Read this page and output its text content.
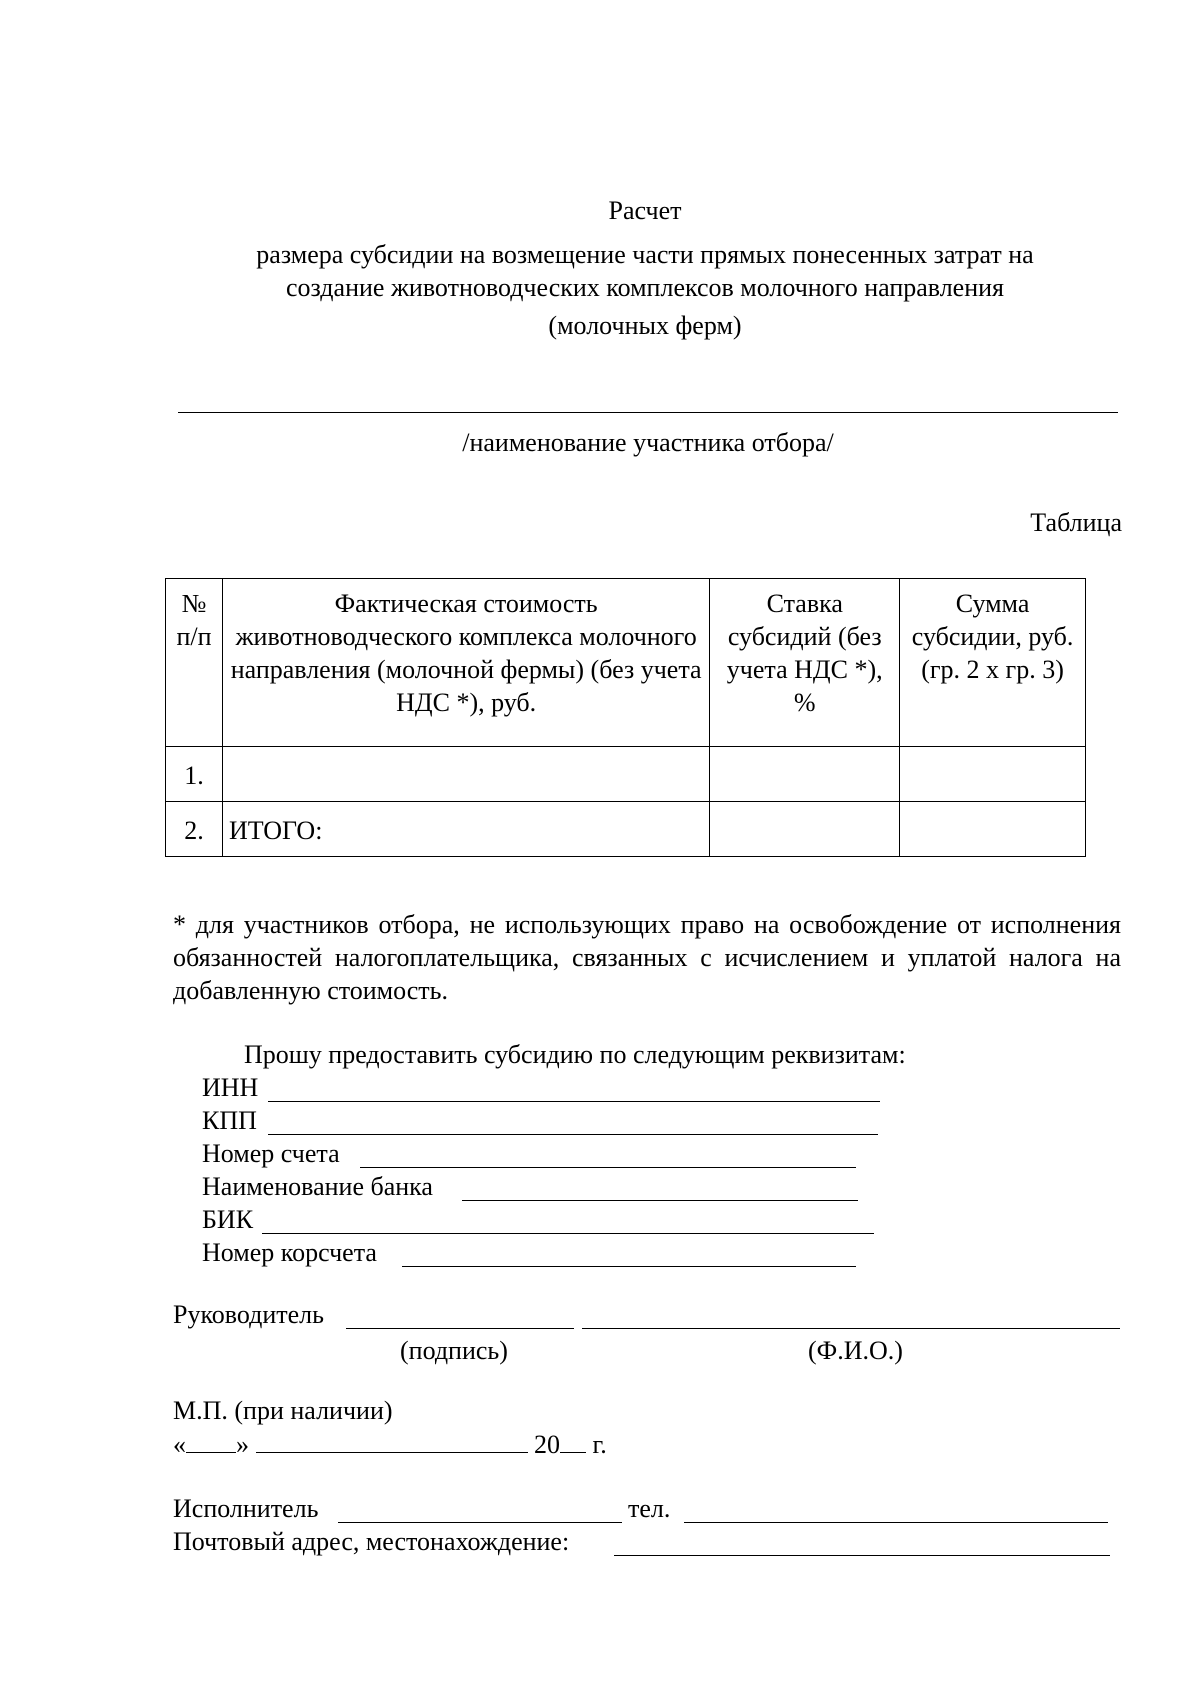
Расчет
размера субсидии на возмещение части прямых понесенных затрат на
создание животноводческих комплексов молочного направления
(молочных ферм)
/наименование участника отбора/
Таблица
№ п/п	Фактическая стоимость животноводческого комплекса молочного направления (молочной фермы) (без учета НДС *), руб.	Ставка субсидий (без учета НДС *), %	Сумма субсидии, руб. (гр. 2 х гр. 3)
1.			
2.	ИТОГО:		
* для участников отбора, не использующих право на освобождение от исполнения обязанностей налогоплательщика, связанных с исчислением и уплатой налога на добавленную стоимость.
Прошу предоставить субсидию по следующим реквизитам:
ИНН
КПП
Номер счета
Наименование банка
БИК
Номер корсчета
Руководитель
(подпись)	(Ф.И.О.)
М.П. (при наличии)
« »	20 г.
Исполнитель	тел.
Почтовый адрес, местонахождение:
